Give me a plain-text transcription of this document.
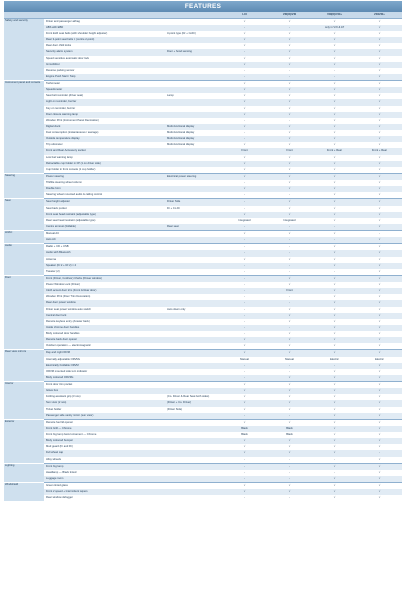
FEATURES
			LXI	VXI(O)/VXI	VXI(O)/VXI+	ZXI/ZXI+

Safety and security	Driver and passenger airbag		√	√	√	√
	ABS with EBD		-	-	only in VXI & AT	√
	Front ELR seat belts (with shoulder height adjuster)	3-point type (Dr + CoDr)	√	√	√	√
	Rear 3-point seat belts × (centre 2-point)		√	√	√	√
	Rear door child locks		√	√	√	√
	Security alarm system	Door + hood sensing	-	√	√	√
	Speed sensitive automatic door lock		√	√	√	√
	Immobilizer		√	√	√	√
	Reverse parking sensor		-	-	-	√
	Engine Push Start / Stop		-	-	-	√

Instrument panel and console	Tachometer		√	√	√	√
	Speedometer		√	√	√	√
	Seat belt reminder (driver seat)	Lamp	√	√	√	√
	Light on reminder, buzzer		√	√	√	√
	Key on reminder, buzzer		√	√	√	√
	Door closure warning lamp		√	√	√	√
	Wooden Print (Instrument Panel Decoration)		-	-	√	√
	Digital clock	Multi-functional display	√	√	√	√
	Fuel consumption (instantaneous / average)	Multi-functional display	-	√	√	√
	Outside temperature display	Multi-functional display	-	√	√	√
	Trip odometer	Multi-functional display	√	√	√	√
	Front and Rear Accessory socket		Front	Front	Front + Rear	Front + Rear
	Low fuel warning lamp		√	√	√	√
	Retractable cup holder in I/P (1 on driver side)		√	√	√	√
	Cup holder in front console (1 cup holder)		√	√	√	√

Steering	Power steering	Electrical power steering	√	√	√	√
	Tilt/tilte steering wheel column		-	√	√	√
	Double horn		√	√	√	√
	Steering wheel mounted audio & calling control		-	-	√	√

Seat	Seat height adjuster	Driver Side	-	√	√	√
	Seat back pocket	Dr + Co Dr	-	√	√	√
	Front seat head restraint (adjustable type)		√	√	√	√
	Rear seat head restraint (adjustable type)		Integrated	Integrated	√	√
	Centre armrest (foldable)	Rear seat	-	-	-	√

HVAC	Manual AC		√	√	√	-
	Auto AC		-	-	-	√

Audio	Radio + CD + USB		-	-	√	√
	Audio with Bluetooth		-	-	√	√
	Antenna		√	√	√	√
	Speaker (Fr:2 + Rr:2) × 4		-	-	√	√
	Tweeter (2)		-	-	-	√

Door	Front (Driver, Codriver) Chebs (Power window)		-	√	√	√
	Power Window Lock (Driver)		-	√	√	√
	Cloth accent door trim (Front & Rear door)		-	Front	√	√
	Wooden Print (Door Trim Decoration)		-	-	√	√
	Rear door power window		-	-	√	√
	Driver seat power window auto switch	Auto down only	-	√	√	√
	Central door lock		-	√	√	√
	Remote keyless entry (Answer back)		-	√	√	√
	Inside chrome door handles		-	-	√	√
	Body coloured door handles		-	√	√	√
	Remote back door opener		√	√	√	√
	Outdoor operation — electromagnetic		√	√	√	√

Rear view mirrors	Day and night IRVM		√	√	√	√
	Internally adjustable ORVMs		Manual	Manual	Electric	Electric
	Electrically Foldable ORVM		-	-	-	√
	ORVM mounted side turn indicator		-	-	√	√
	Body coloured ORVMs		-	√	√	√

Interior	Front door trim pocket		√	√	√	√
	Glove box		√	√	√	√
	Folding assistant grip (3 nos)	(Co. Driver & Rear Seat both sides)	√	√	√	√
	Sun visor (2 nos)	(Driver + Co. Driver)	√	√	√	√
	Ticket holder	(Driver Side)	√	√	√	√
	Passenger side vanity mirror (sun visor)		-	-	√	√

Exterior	Remote fuel lid opener		√	√	√	√
	Front Grill — Chrome		Black	Black	√	√
	Front fog lamp bezel ornament — Chrome		Black	Black	√	√
	Body coloured bumper		√	√	√	√
	Mud guard (Fr and Rr)		√	√	√	√
	Full wheel cap		√	√	√	-
	Alloy wheels		-	-	-	√

Lighting	Front fog lamp		-	-	√	√
	Headlamp — Black tinted		-	-	-	√
	Luggage room		-	-	√	√

Windshield	Green tinted glass		√	√	√	√
	Front 2 speed + Intermittent wipers		√	√	√	√
	Rear window defogger		-	-	√	√
